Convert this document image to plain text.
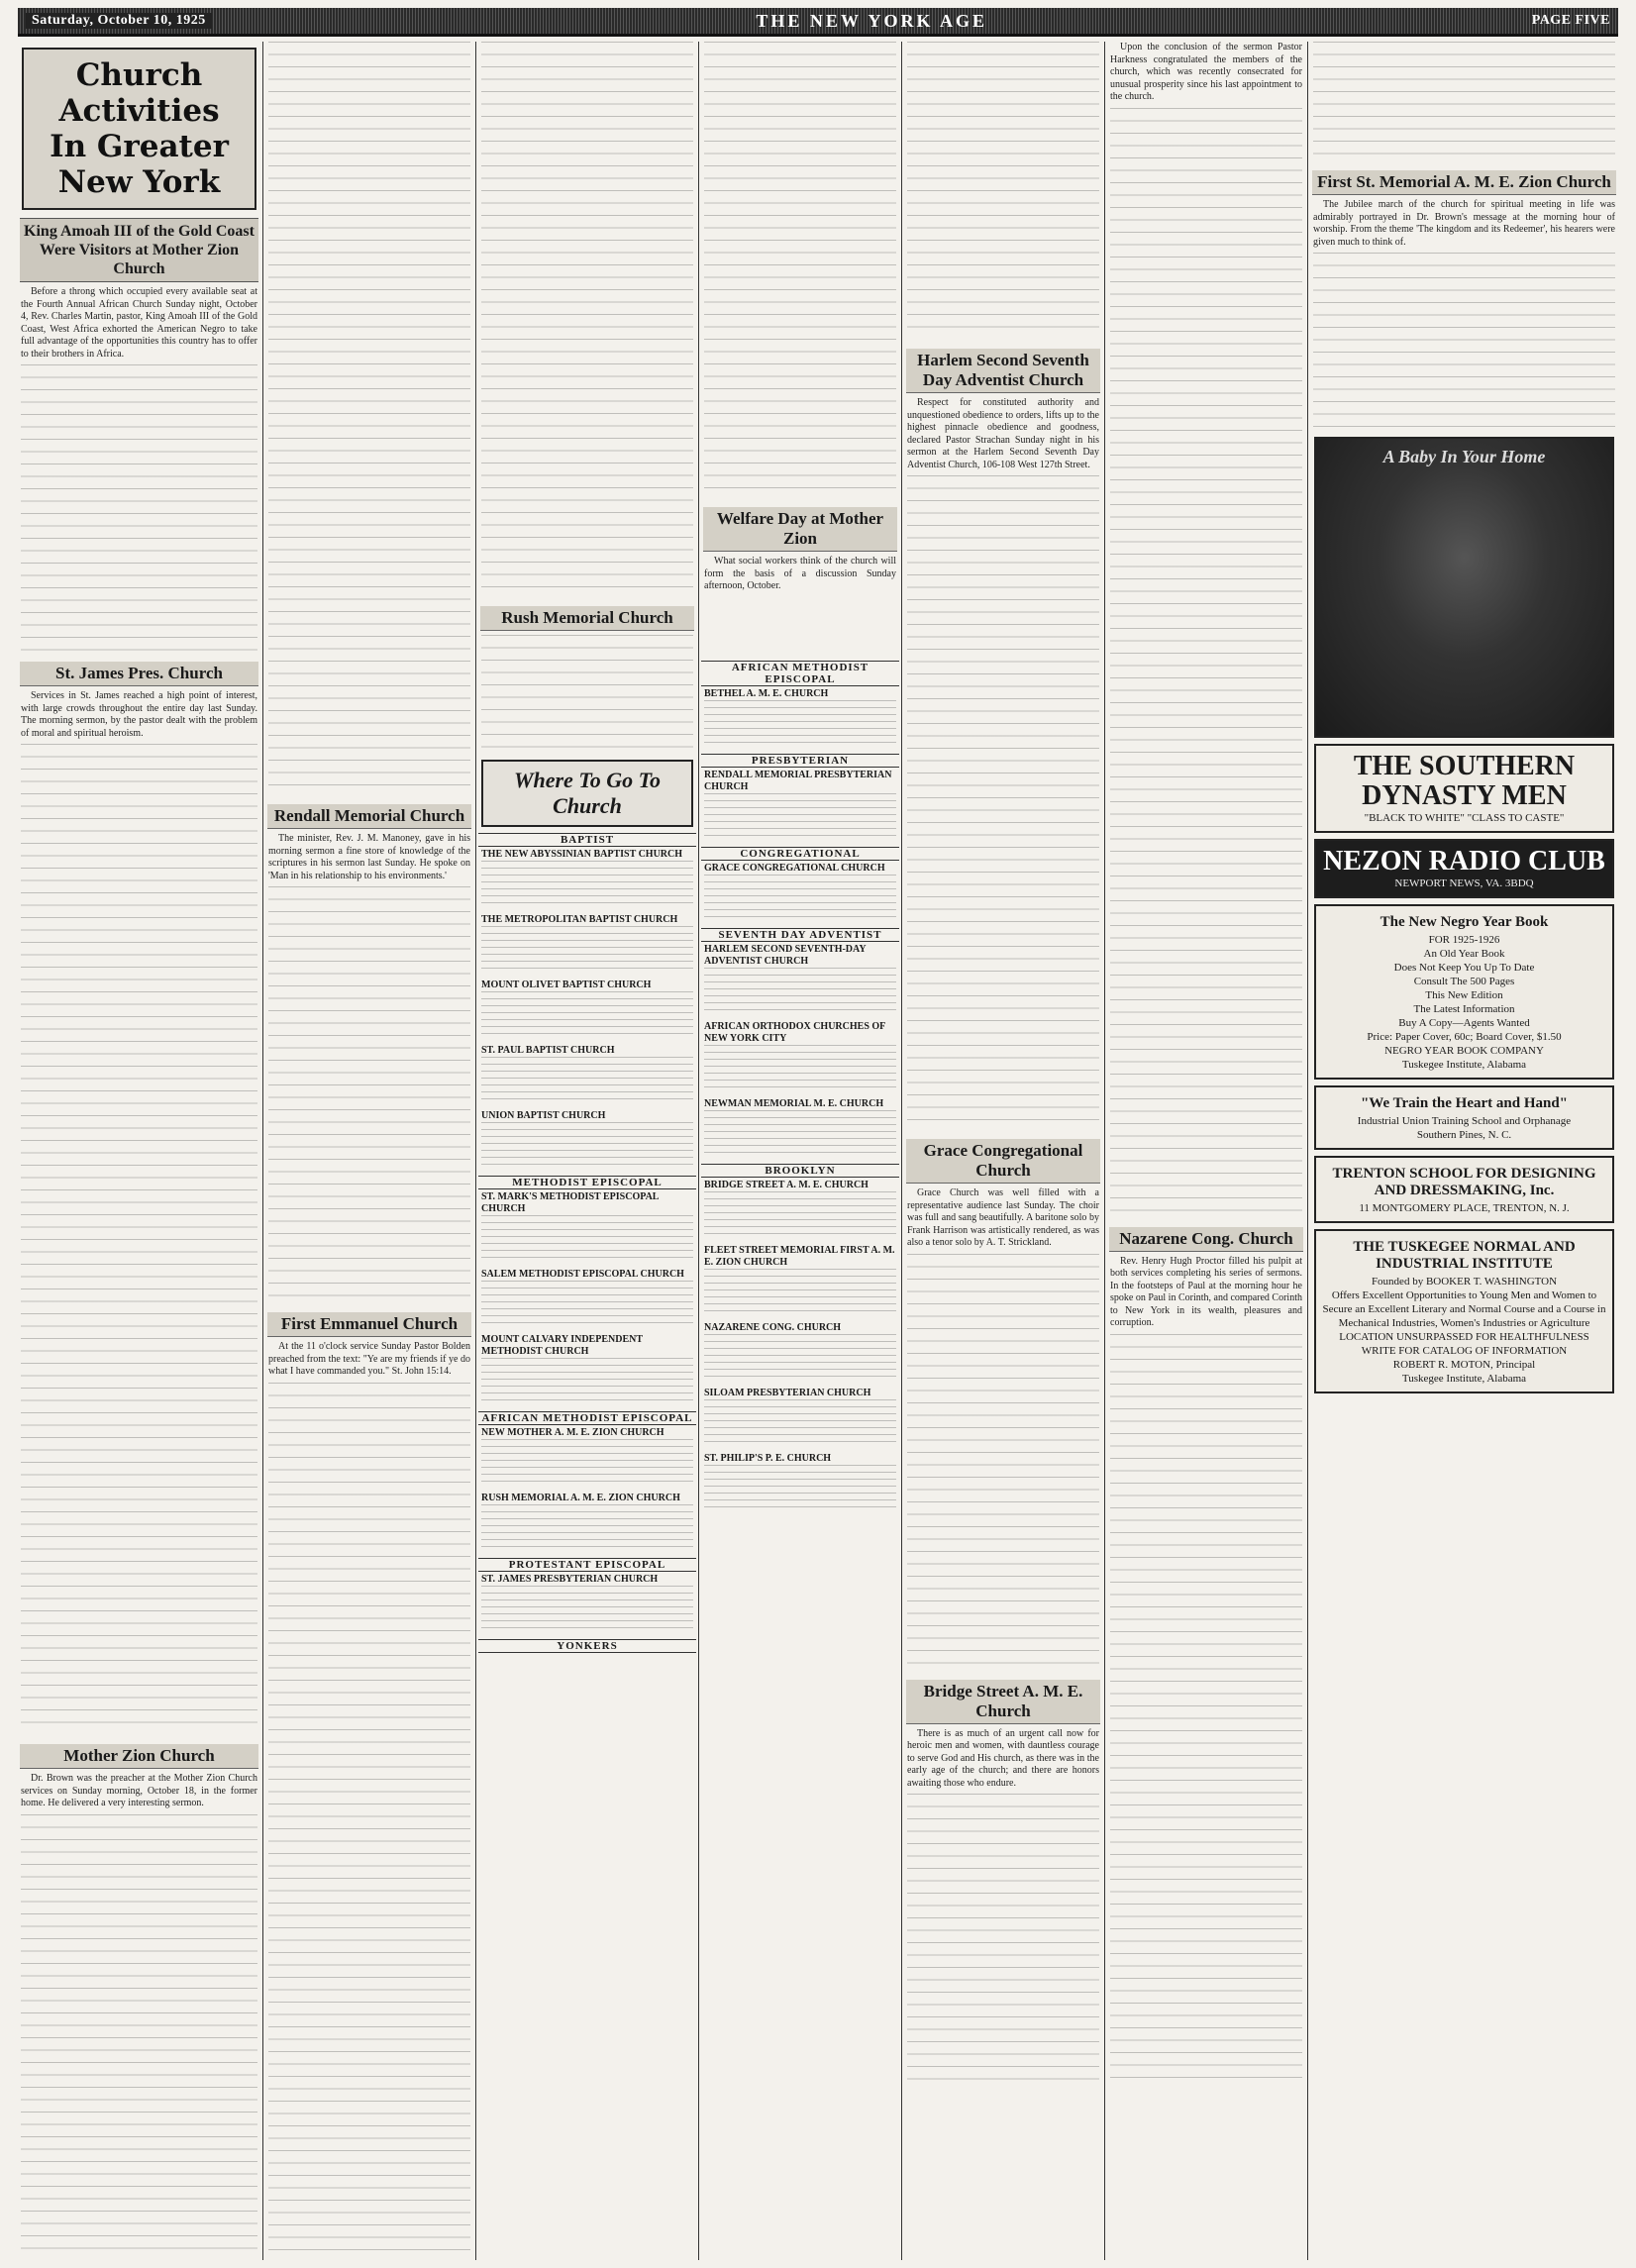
Saturday, October 10, 1925	THE NEW YORK AGE	PAGE FIVE
Church Activities
In Greater New York
King Amoah III of the Gold Coast Were Visitors at Mother Zion Church

Before a throng which occupied every available seat at the Fourth Annual African Church Sunday night, October 4, Rev. Charles Martin, pastor, King Amoah III of the Gold Coast, West Africa exhorted the American Negro to take full advantage of the opportunities this country has to offer to their brothers in Africa.

St. James Pres. Church

Services in St. James reached a high point of interest, with large crowds throughout the entire day last Sunday. The morning sermon, by the pastor dealt with the problem of moral and spiritual heroism.

Mother Zion Church

Dr. Brown was the preacher at the Mother Zion Church services on Sunday morning, October 18, in the former home. He delivered a very interesting sermon.

Rendall Memorial Church

The minister, Rev. J. M. Manoney, gave in his morning sermon a fine store of knowledge of the scriptures in his sermon last Sunday. He spoke on 'Man in his relationship to his environments.'

First Emmanuel Church

At the 11 o'clock service Sunday Pastor Bolden preached from the text: "Ye are my friends if ye do what I have commanded you." St. John 15:14.

Rush Memorial Church
Where To Go To Church
BAPTIST
THE NEW ABYSSINIAN BAPTIST CHURCH
THE METROPOLITAN BAPTIST CHURCH
MOUNT OLIVET BAPTIST CHURCH
ST. PAUL BAPTIST CHURCH
UNION BAPTIST CHURCH
METHODIST EPISCOPAL
ST. MARK'S METHODIST EPISCOPAL CHURCH
SALEM METHODIST EPISCOPAL CHURCH
MOUNT CALVARY INDEPENDENT METHODIST CHURCH
AFRICAN METHODIST EPISCOPAL
NEW MOTHER A. M. E. ZION CHURCH
RUSH MEMORIAL A. M. E. ZION CHURCH
PROTESTANT EPISCOPAL
ST. JAMES PRESBYTERIAN CHURCH
YONKERS
Welfare Day at Mother Zion

What social workers think of the church will form the basis of a discussion Sunday afternoon, October.

AFRICAN METHODIST EPISCOPAL
BETHEL A. M. E. CHURCH
PRESBYTERIAN
RENDALL MEMORIAL PRESBYTERIAN CHURCH
CONGREGATIONAL
GRACE CONGREGATIONAL CHURCH
SEVENTH DAY ADVENTIST
HARLEM SECOND SEVENTH-DAY ADVENTIST CHURCH
AFRICAN ORTHODOX CHURCHES OF NEW YORK CITY
NEWMAN MEMORIAL M. E. CHURCH
BROOKLYN
BRIDGE STREET A. M. E. CHURCH
FLEET STREET MEMORIAL FIRST A. M. E. ZION CHURCH
NAZARENE CONG. CHURCH
SILOAM PRESBYTERIAN CHURCH
ST. PHILIP'S P. E. CHURCH
Harlem Second Seventh Day Adventist Church

Respect for constituted authority and unquestioned obedience to orders, lifts up to the highest pinnacle obedience and goodness, declared Pastor Strachan Sunday night in his sermon at the Harlem Second Seventh Day Adventist Church, 106-108 West 127th Street.

Grace Congregational Church

Grace Church was well filled with a representative audience last Sunday. The choir was full and sang beautifully. A baritone solo by Frank Harrison was artistically rendered, as was also a tenor solo by A. T. Strickland.

Bridge Street A. M. E. Church

There is as much of an urgent call now for heroic men and women, with dauntless courage to serve God and His church, as there was in the early age of the church; and there are honors awaiting those who endure.

Upon the conclusion of the sermon Pastor Harkness congratulated the members of the church, which was recently consecrated for unusual prosperity since his last appointment to the church.

Nazarene Cong. Church

Rev. Henry Hugh Proctor filled his pulpit at both services completing his series of sermons. In the footsteps of Paul at the morning hour he spoke on Paul in Corinth, and compared Corinth to New York in its wealth, pleasures and corruption.

First St. Memorial A. M. E. Zion Church

The Jubilee march of the church for spiritual meeting in life was admirably portrayed in Dr. Brown's message at the morning hour of worship. From the theme 'The kingdom and its Redeemer', his hearers were given much to think of.

A Baby In Your Home
THE SOUTHERN DYNASTY MEN
"BLACK TO WHITE" "CLASS TO CASTE"
NEZON RADIO CLUB
NEWPORT NEWS, VA. 3BDQ
The New Negro Year Book
FOR 1925-1926
An Old Year Book
Does Not Keep You Up To Date
Consult The 500 Pages
This New Edition
The Latest Information
Buy A Copy—Agents Wanted
Price: Paper Cover, 60c; Board Cover, $1.50
NEGRO YEAR BOOK COMPANY
Tuskegee Institute, Alabama
"We Train the Heart and Hand"
Industrial Union Training School and Orphanage
Southern Pines, N. C.
TRENTON SCHOOL FOR DESIGNING AND DRESSMAKING, Inc.
11 MONTGOMERY PLACE, TRENTON, N. J.
THE TUSKEGEE NORMAL AND INDUSTRIAL INSTITUTE
Founded by BOOKER T. WASHINGTON
Offers Excellent Opportunities to Young Men and Women to Secure an Excellent Literary and Normal Course and a Course in Mechanical Industries, Women's Industries or Agriculture
LOCATION UNSURPASSED FOR HEALTHFULNESS
WRITE FOR CATALOG OF INFORMATION
ROBERT R. MOTON, Principal
Tuskegee Institute, Alabama
